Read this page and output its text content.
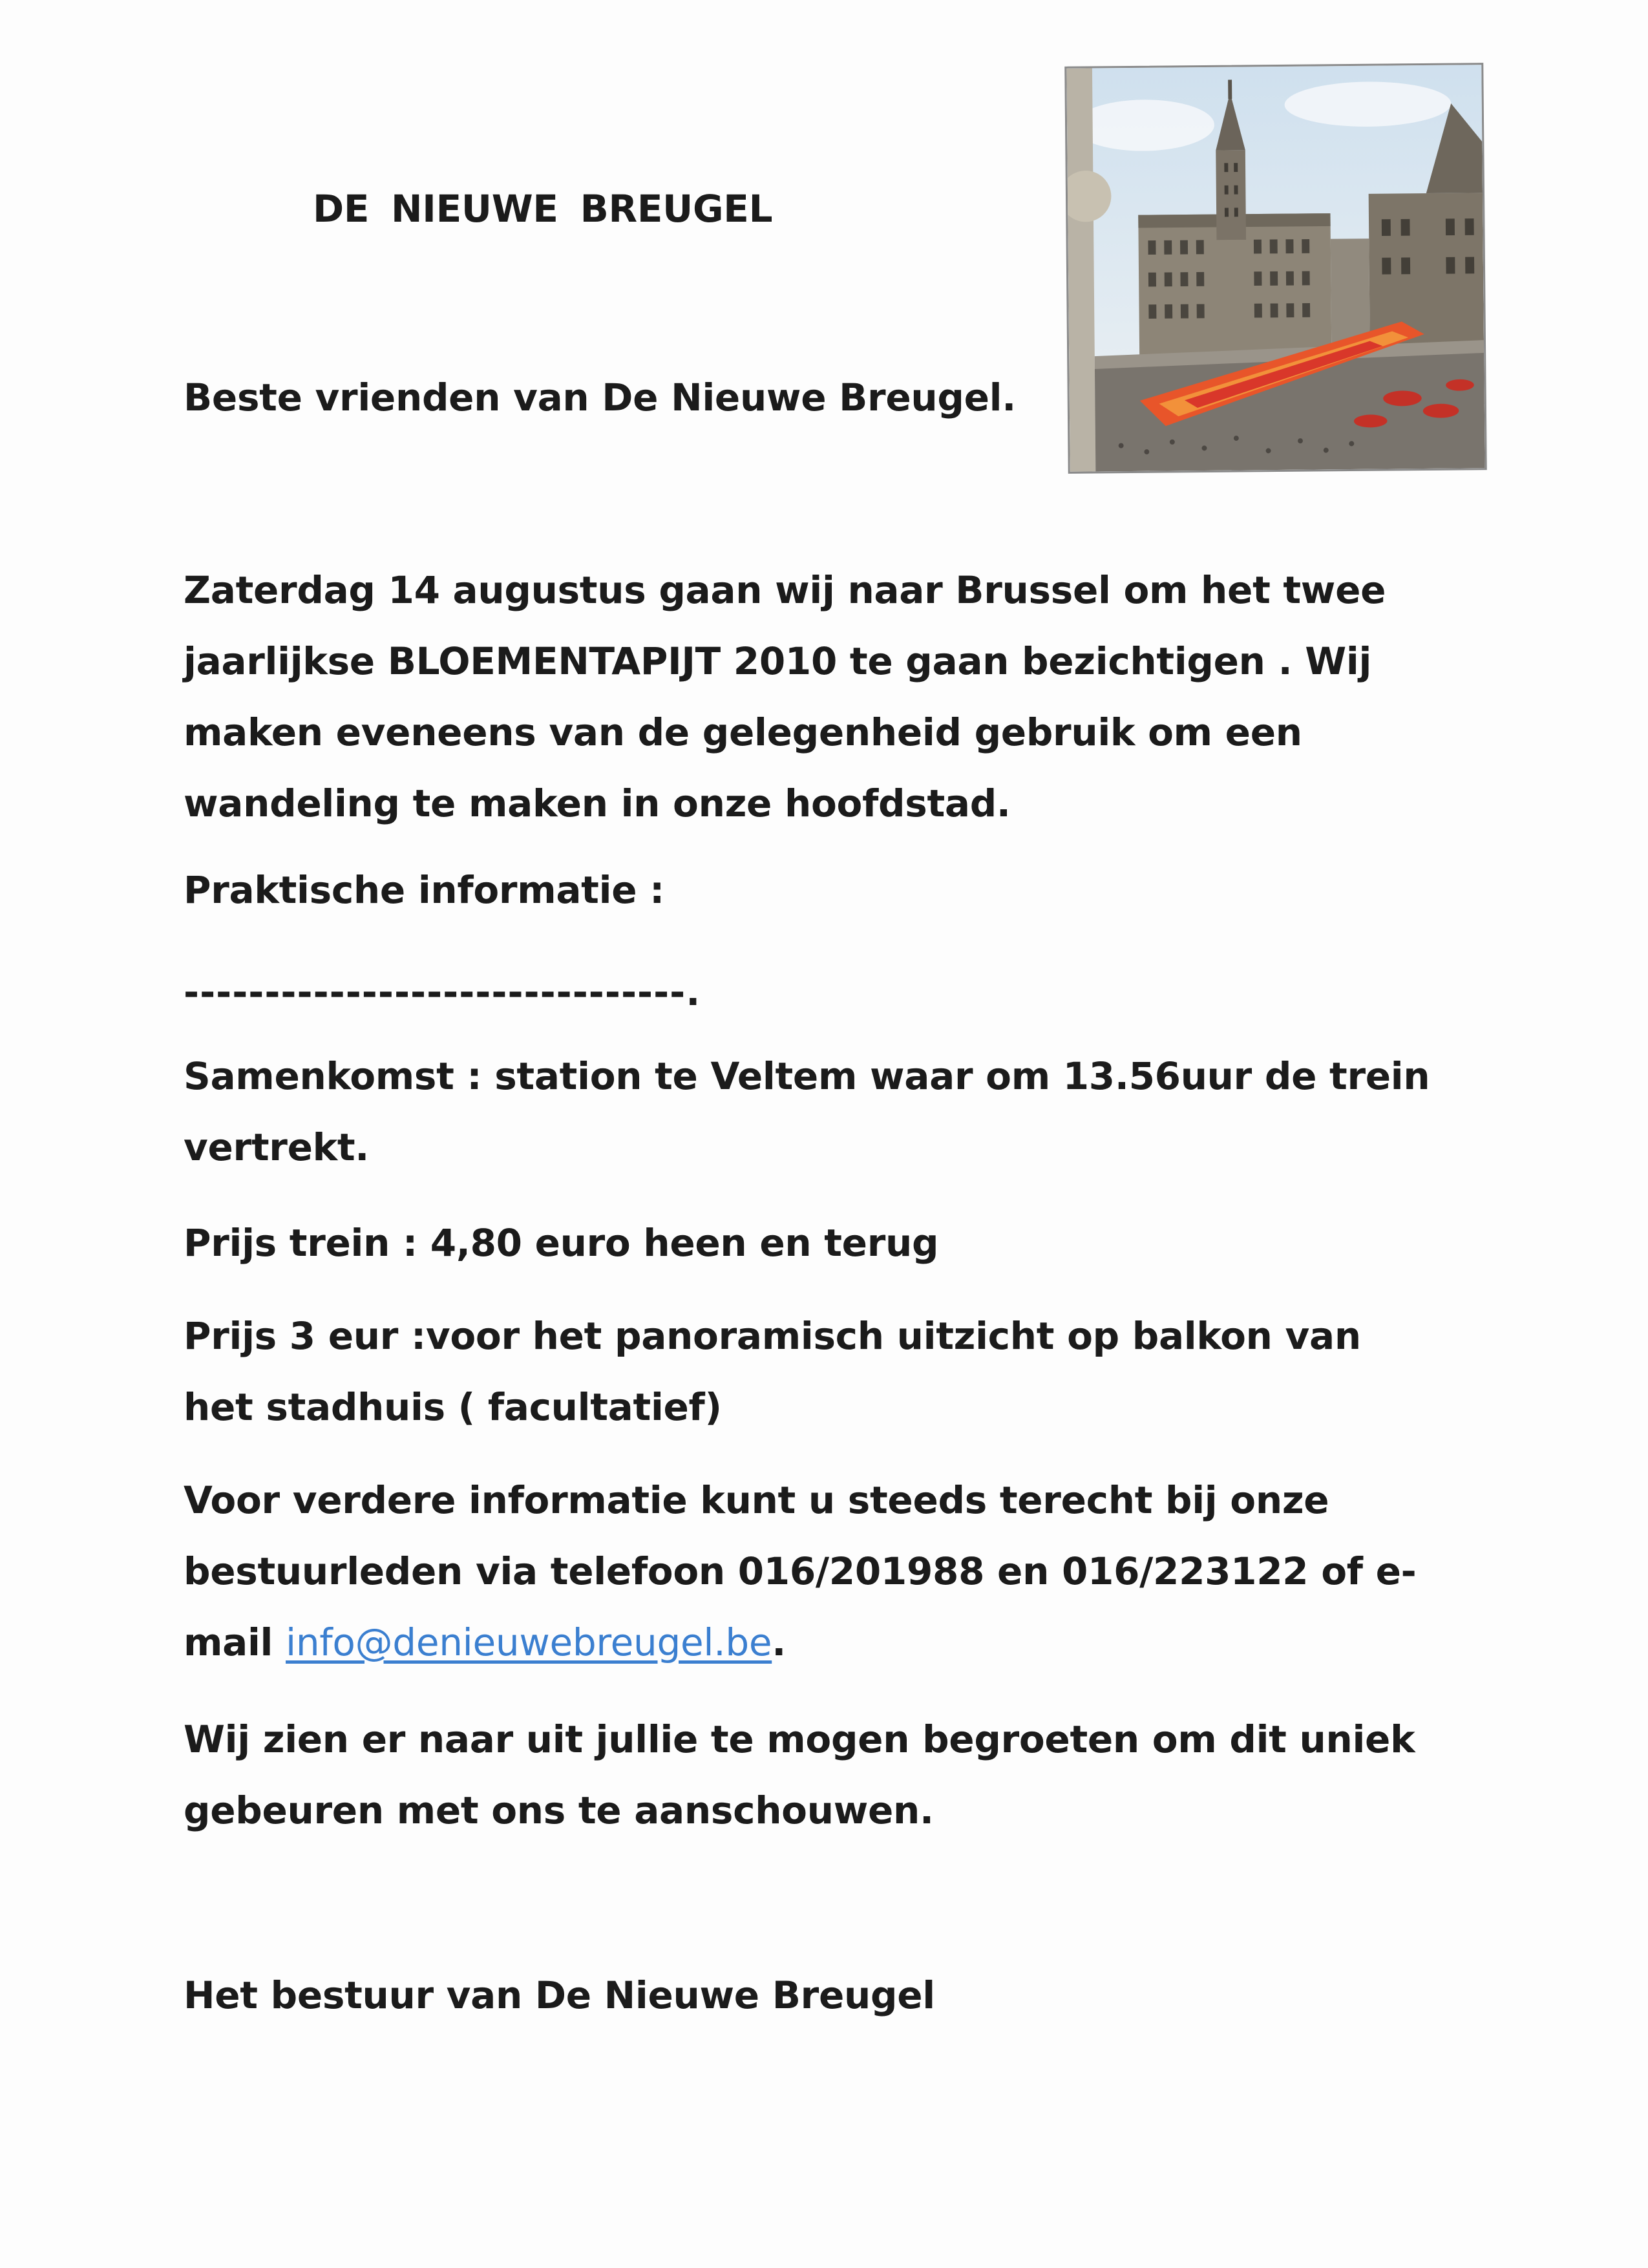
DE NIEUWE BREUGEL
Beste vrienden van De Nieuwe Breugel.
Zaterdag 14 augustus gaan wij naar Brussel om het twee
jaarlijkse BLOEMENTAPIJT 2010 te gaan bezichtigen . Wij
maken eveneens van de gelegenheid gebruik om een
wandeling te maken in onze hoofdstad.
Praktische informatie :
-------------------------------.
Samenkomst : station te Veltem waar om 13.56uur de trein
vertrekt.
Prijs trein : 4,80 euro heen en terug
Prijs 3 eur :voor het panoramisch uitzicht op balkon van
het stadhuis ( facultatief)
Voor verdere informatie kunt u steeds terecht bij onze
bestuurleden via telefoon 016/201988 en 016/223122 of e-
mail info@denieuwebreugel.be.
Wij zien er naar uit jullie te mogen begroeten om dit uniek
gebeuren met ons te aanschouwen.
Het bestuur van De Nieuwe Breugel
